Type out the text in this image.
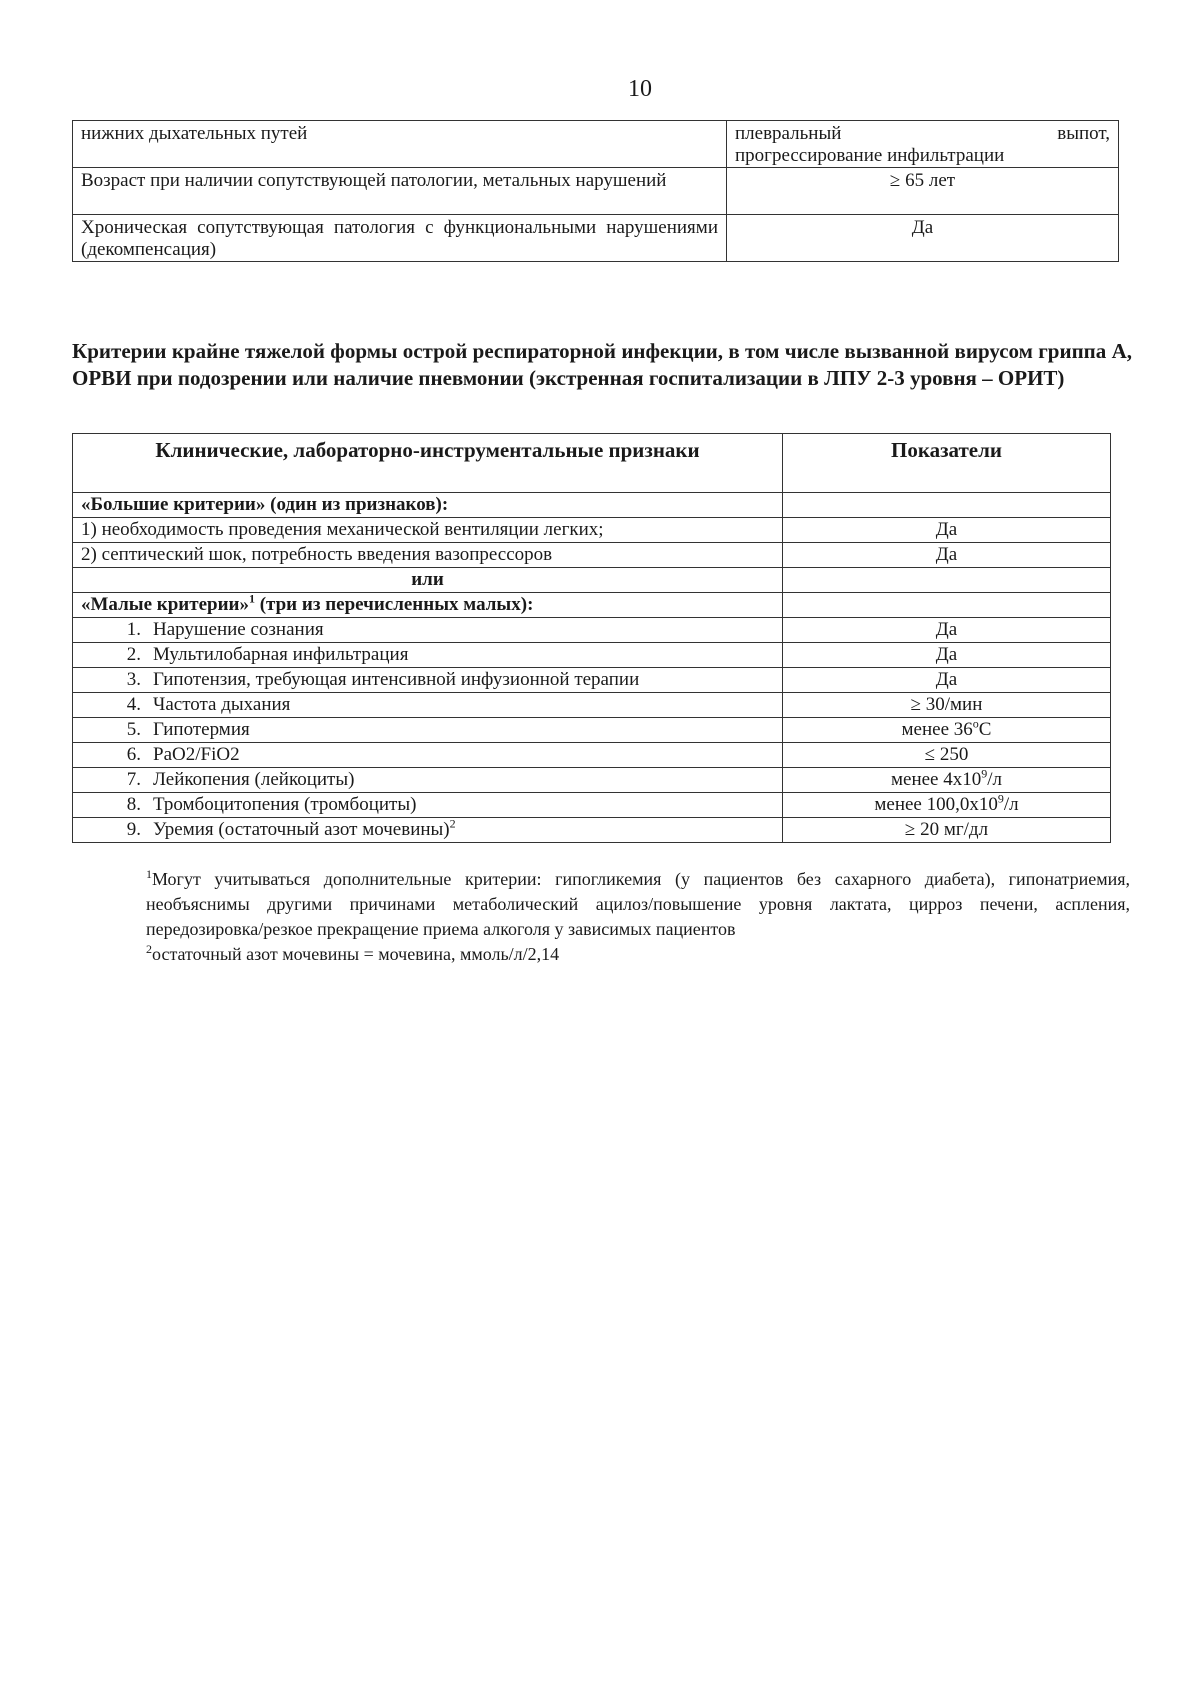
10
нижних дыхательных путей	плевральный выпот,
прогрессирование инфильтрации

Возраст при наличии сопутствующей патологии, метальных нарушений	≥ 65 лет
Хроническая сопутствующая патология с функциональными нарушениями (декомпенсация)	Да
Критерии крайне тяжелой формы острой респираторной инфекции, в том числе вызванной вирусом гриппа А, ОРВИ при подозрении или наличие пневмонии (экстренная госпитализации в ЛПУ 2-3 уровня – ОРИТ)
Клинические, лабораторно-инструментальные признаки	Показатели
«Большие критерии» (один из признаков):	
1) необходимость проведения механической вентиляции легких;	Да
2) септический шок, потребность введения вазопрессоров	Да
или	
«Малые критерии»$^1$ (три из перечисленных малых):	
1. Нарушение сознания	Да
2. Мультилобарная инфильтрация	Да
3. Гипотензия, требующая интенсивной инфузионной терапии	Да
4. Частота дыхания	≥ 30/мин
5. Гипотермия	менее $36^оС$
6. PaO2/FiO2	≤ 250
7. Лейкопения (лейкоциты)	менее $4х10^9/л$
8. Тромбоцитопения (тромбоциты)	менее $100,0х10^9/л$
9. Уремия (остаточный азот мочевины)$^2$	≥ 20 мг/дл

$^1$Могут учитываться дополнительные критерии: гипогликемия (у пациентов без сахарного диабета), гипонатриемия, необъяснимы другими причинами метаболический ацилоз/повышение уровня лактата, цирроз печени, аспления, передозировка/резкое прекращение приема алкоголя у зависимых пациентов

$^2$остаточный азот мочевины = мочевина, ммоль/л/2,14
